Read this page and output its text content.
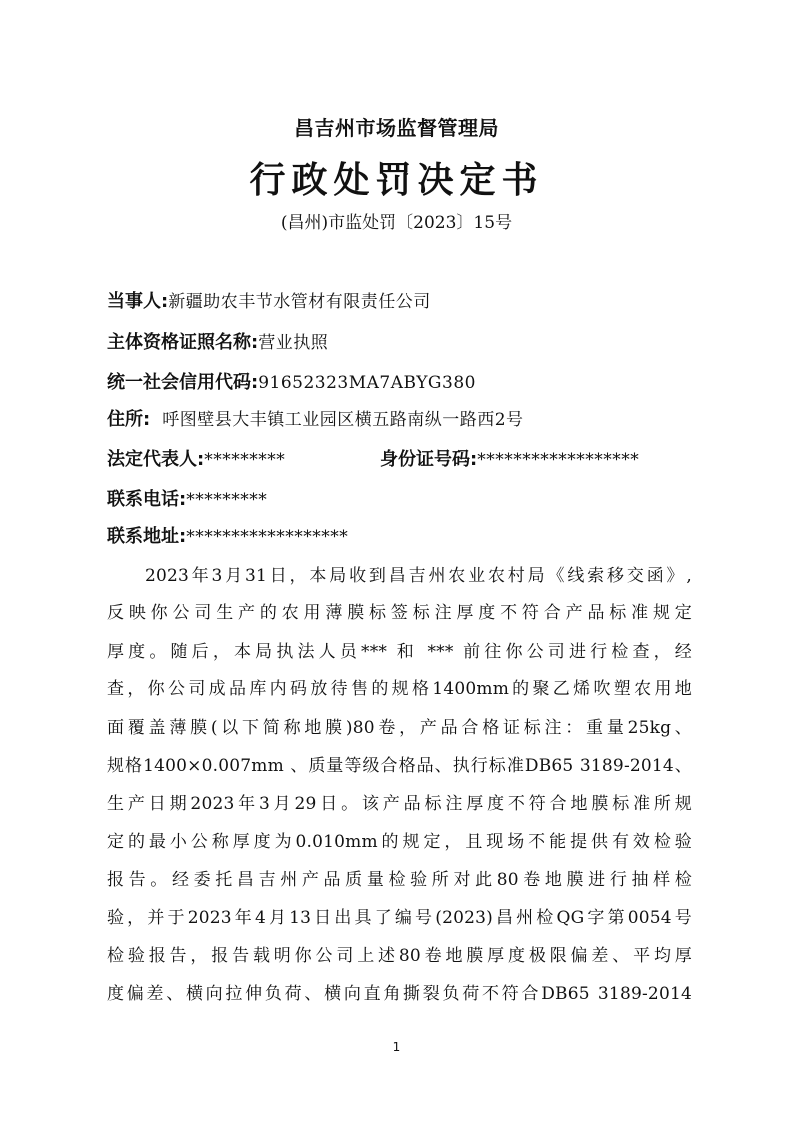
昌吉州市场监督管理局
行政处罚决定书
(昌州)市监处罚〔2023〕15号
当事人:新疆助农丰节水管材有限责任公司
主体资格证照名称:营业执照
统一社会信用代码:91652323MA7ABYG380
住所: 呼图壁县大丰镇工业园区横五路南纵一路西2号
法定代表人:*********	身份证号码:******************
联系电话:*********
联系地址:******************
2023年3月31日，本局收到昌吉州农业农村局《线索移交函》,
反映你公司生产的农用薄膜标签标注厚度不符合产品标准规定
厚度。随后，本局执法人员*** 和 *** 前往你公司进行检查，经
查，你公司成品库内码放待售的规格1400mm的聚乙烯吹塑农用地
面覆盖薄膜(以下简称地膜)80卷，产品合格证标注：重量25kg、
规格1400×0.007mm 、质量等级合格品、执行标准DB65 3189-2014、
生产日期2023年3月29日。该产品标注厚度不符合地膜标准所规
定的最小公称厚度为0.010mm的规定，且现场不能提供有效检验
报告。经委托昌吉州产品质量检验所对此80卷地膜进行抽样检
验，并于2023年4月13日出具了编号(2023)昌州检QG字第0054号
检验报告，报告载明你公司上述80卷地膜厚度极限偏差、平均厚
度偏差、横向拉伸负荷、横向直角撕裂负荷不符合DB65 3189-2014
1
